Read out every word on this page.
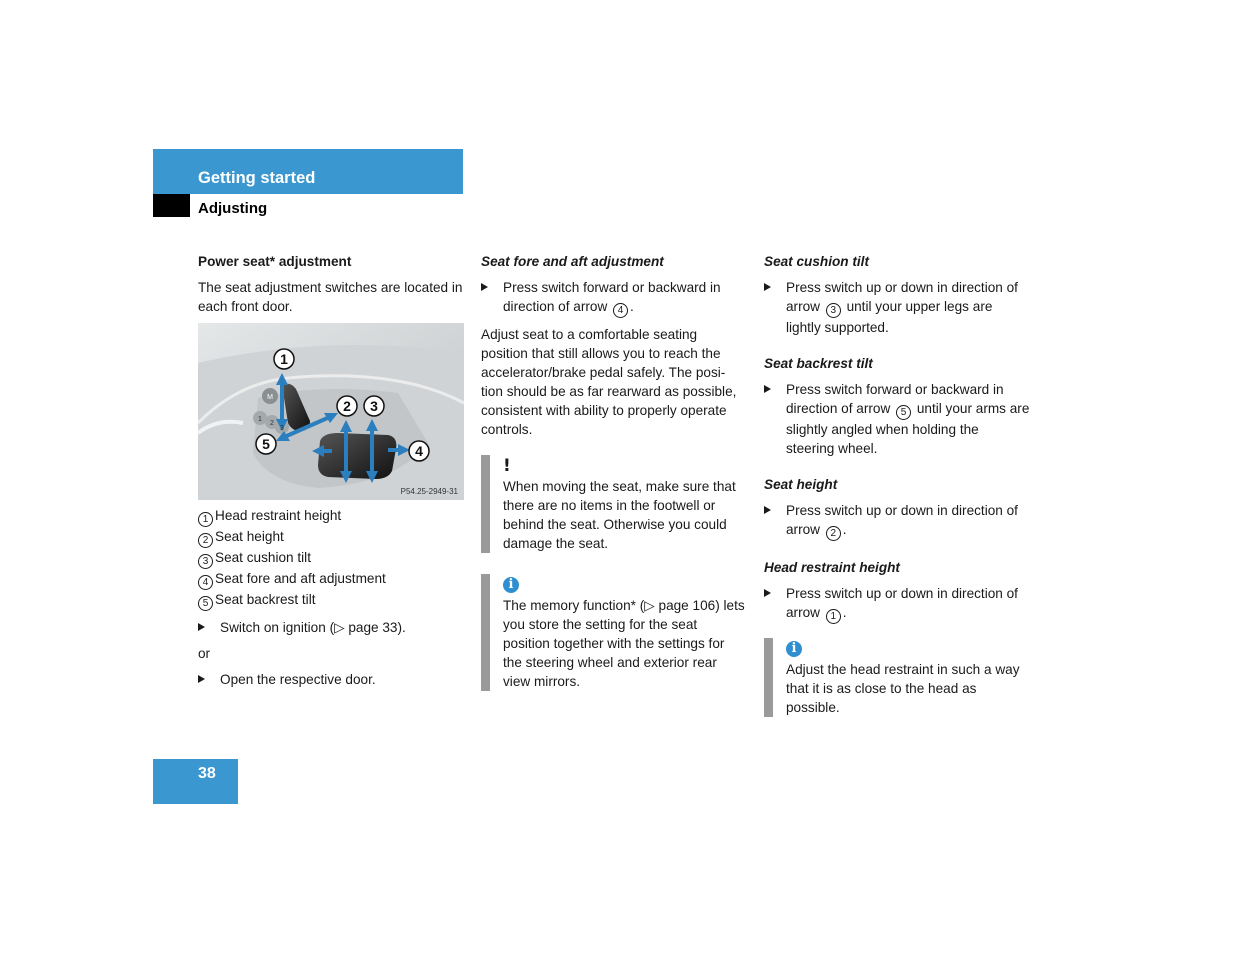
Getting started
Adjusting
Power seat* adjustment

The seat adjustment switches are located in each front door.

1
2 3
5	4
M
1
2
3
P54.25-2949-31
1 Head restraint height
2 Seat height
3 Seat cushion tilt
4 Seat fore and aft adjustment
5 Seat backrest tilt
Switch on ignition (▷ page 33).

or

Open the respective door.
Seat fore and aft adjustment
Press switch forward or backward in direction of arrow 4 .

Adjust seat to a comfortable seating position that still allows you to reach the accelerator/brake pedal safely. The posi-tion should be as far rearward as possible, consistent with ability to properly operate controls.

!
When moving the seat, make sure that there are no items in the footwell or behind the seat. Otherwise you could damage the seat.
i
The memory function* (▷ page 106) lets you store the setting for the seat position together with the settings for the steering wheel and exterior rear view mirrors.
Seat cushion tilt
Press switch up or down in direction of arrow 3 until your upper legs are lightly supported.
Seat backrest tilt
Press switch forward or backward in direction of arrow 5 until your arms are slightly angled when holding the steering wheel.
Seat height
Press switch up or down in direction of arrow 2 .
Head restraint height
Press switch up or down in direction of arrow 1 .
i
Adjust the head restraint in such a way that it is as close to the head as possible.
38
